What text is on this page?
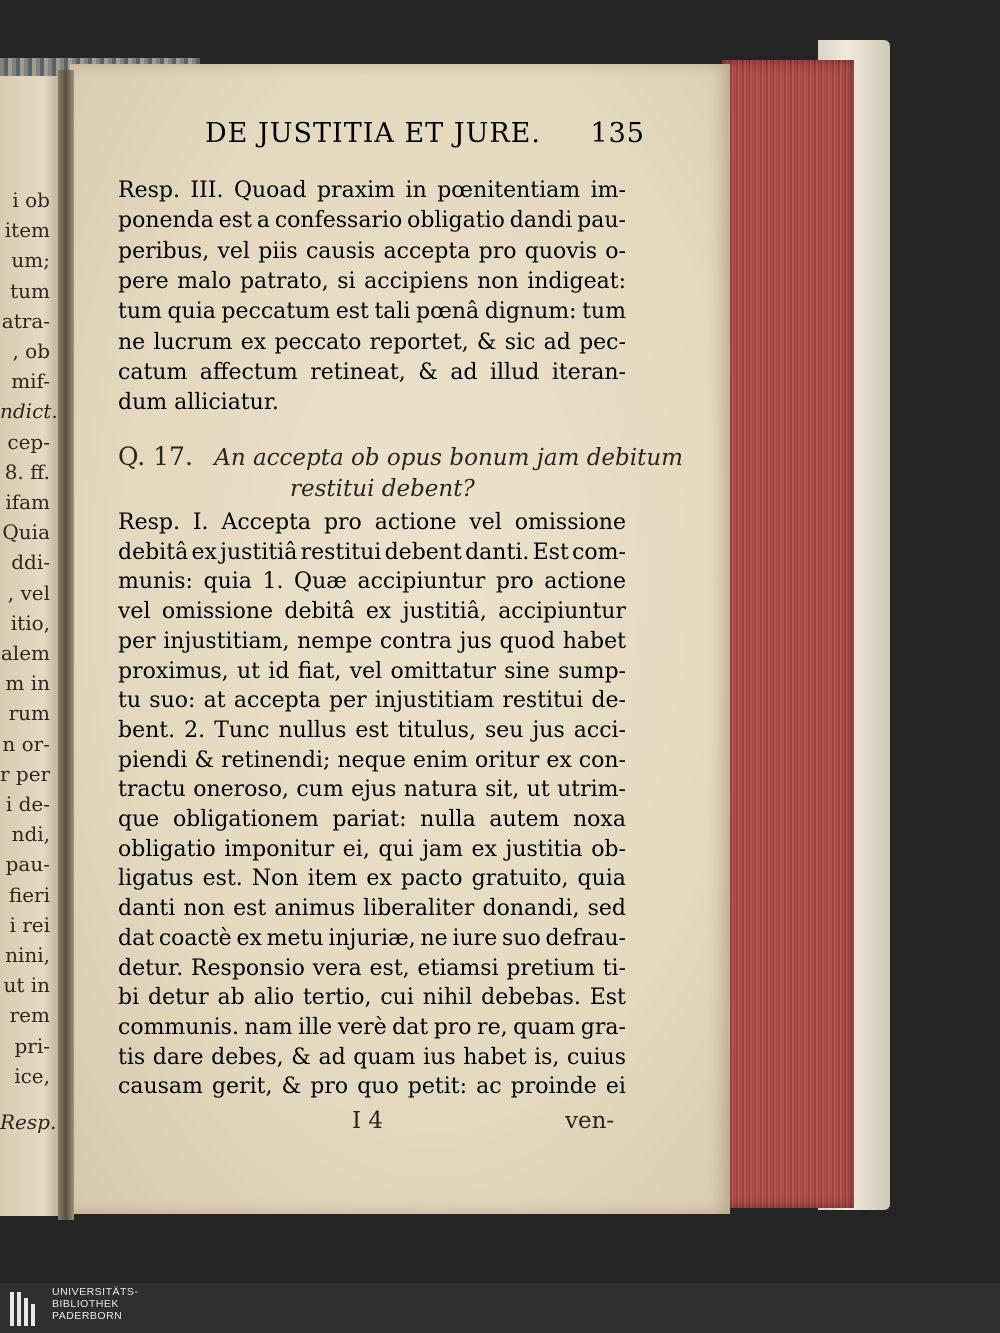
i ob
item
um;
tum
atra-
, ob
mif-
ndict.
cep-
8. ff.
ifam
Quia
ddi-
, vel
itio,
alem
m in
rum
n or-
r per
i de-
ndi,
pau-
fieri
i rei
nini,
ut in
rem
pri-
ice,
Resp.
DE JUSTITIA ET JURE. 135
Resp. III. Quoad praxim in pœnitentiam im-
ponenda est a confessario obligatio dandi pau-
peribus, vel piis causis accepta pro quovis o-
pere malo patrato, si accipiens non indigeat:
tum quia peccatum est tali pœnâ dignum: tum
ne lucrum ex peccato reportet, & sic ad pec-
catum affectum retineat, & ad illud iteran-
dum alliciatur.
Q. 17. An accepta ob opus bonum jam debitum
restitui debent?
Resp. I. Accepta pro actione vel omissione
debitâ ex justitiâ restitui debent danti. Est com-
munis: quia 1. Quæ accipiuntur pro actione
vel omissione debitâ ex justitiâ, accipiuntur
per injustitiam, nempe contra jus quod habet
proximus, ut id fiat, vel omittatur sine sump-
tu suo: at accepta per injustitiam restitui de-
bent. 2. Tunc nullus est titulus, seu jus acci-
piendi & retinendi; neque enim oritur ex con-
tractu oneroso, cum ejus natura sit, ut utrim-
que obligationem pariat: nulla autem noxa
obligatio imponitur ei, qui jam ex justitia ob-
ligatus est. Non item ex pacto gratuito, quia
danti non est animus liberaliter donandi, sed
dat coactè ex metu injuriæ, ne iure suo defrau-
detur. Responsio vera est, etiamsi pretium ti-
bi detur ab alio tertio, cui nihil debebas. Est
communis. nam ille verè dat pro re, quam gra-
tis dare debes, & ad quam ius habet is, cuius
causam gerit, & pro quo petit: ac proinde ei
I 4	ven-
UNIVERSITÄTS-
BIBLIOTHEK
PADERBORN
